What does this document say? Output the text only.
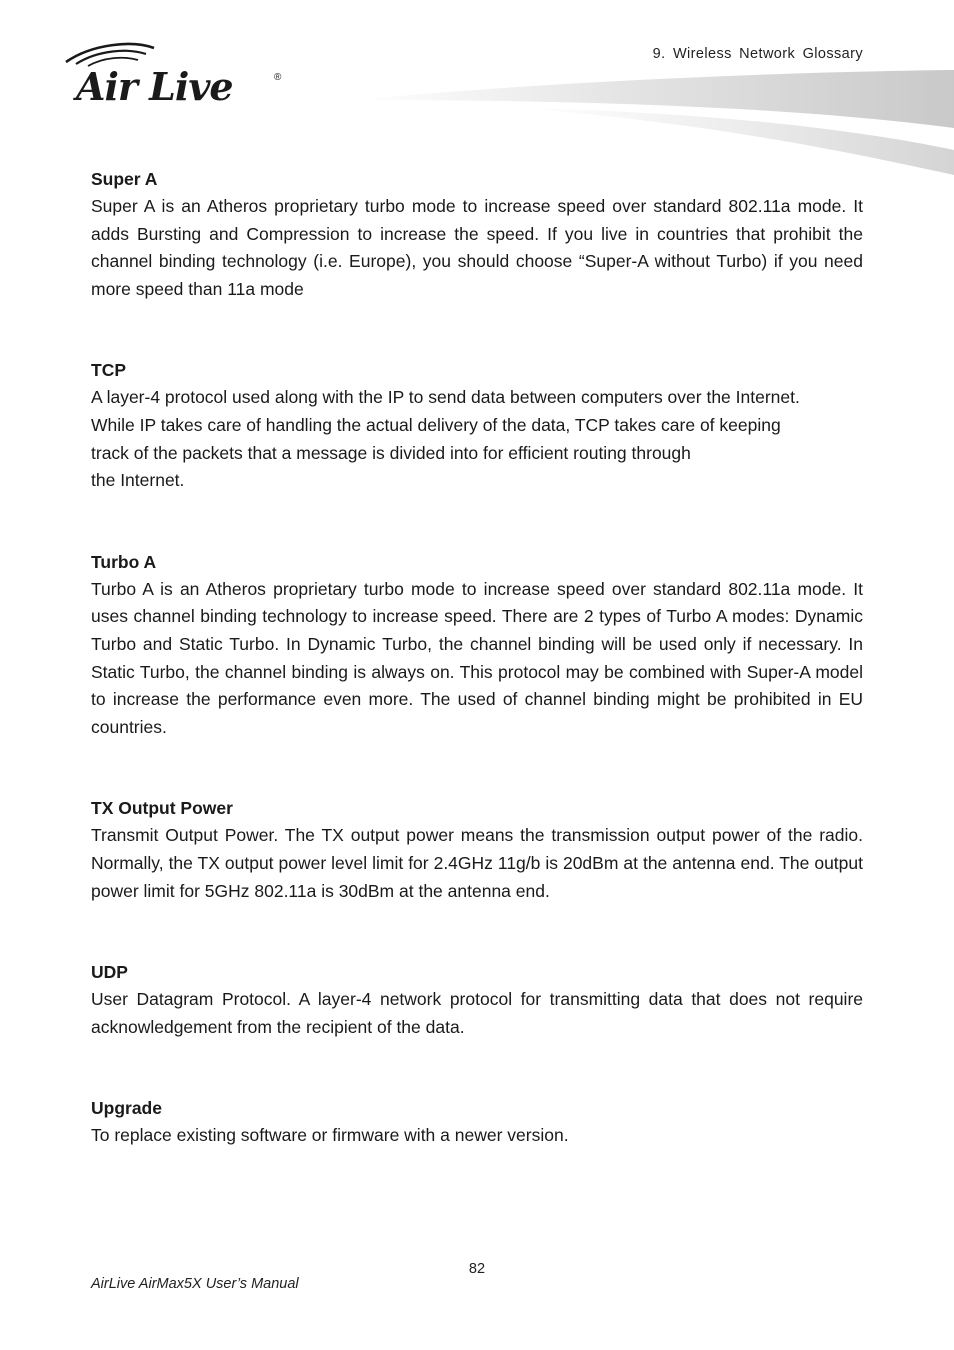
Air Live	®
9. Wireless Network Glossary

Super A

Super A is an Atheros proprietary turbo mode to increase speed over standard 802.11a mode. It adds Bursting and Compression to increase the speed. If you live in countries that prohibit the channel binding technology (i.e. Europe), you should choose “Super-A without Turbo) if you need more speed than 11a mode

TCP

A layer-4 protocol used along with the IP to send data between computers over the Internet.
While IP takes care of handling the actual delivery of the data, TCP takes care of keeping
track of the packets that a message is divided into for efficient routing through
the Internet.

Turbo A

Turbo A is an Atheros proprietary turbo mode to increase speed over standard 802.11a mode. It uses channel binding technology to increase speed. There are 2 types of Turbo A modes: Dynamic Turbo and Static Turbo. In Dynamic Turbo, the channel binding will be used only if necessary. In Static Turbo, the channel binding is always on. This protocol may be combined with Super-A model to increase the performance even more. The used of channel binding might be prohibited in EU countries.

TX Output Power

Transmit Output Power. The TX output power means the transmission output power of the radio. Normally, the TX output power level limit for 2.4GHz 11g/b is 20dBm at the antenna end. The output power limit for 5GHz 802.11a is 30dBm at the antenna end.

UDP

User Datagram Protocol. A layer-4 network protocol for transmitting data that does not require acknowledgement from the recipient of the data.

Upgrade

To replace existing software or firmware with a newer version.

82
AirLive AirMax5X User’s Manual
